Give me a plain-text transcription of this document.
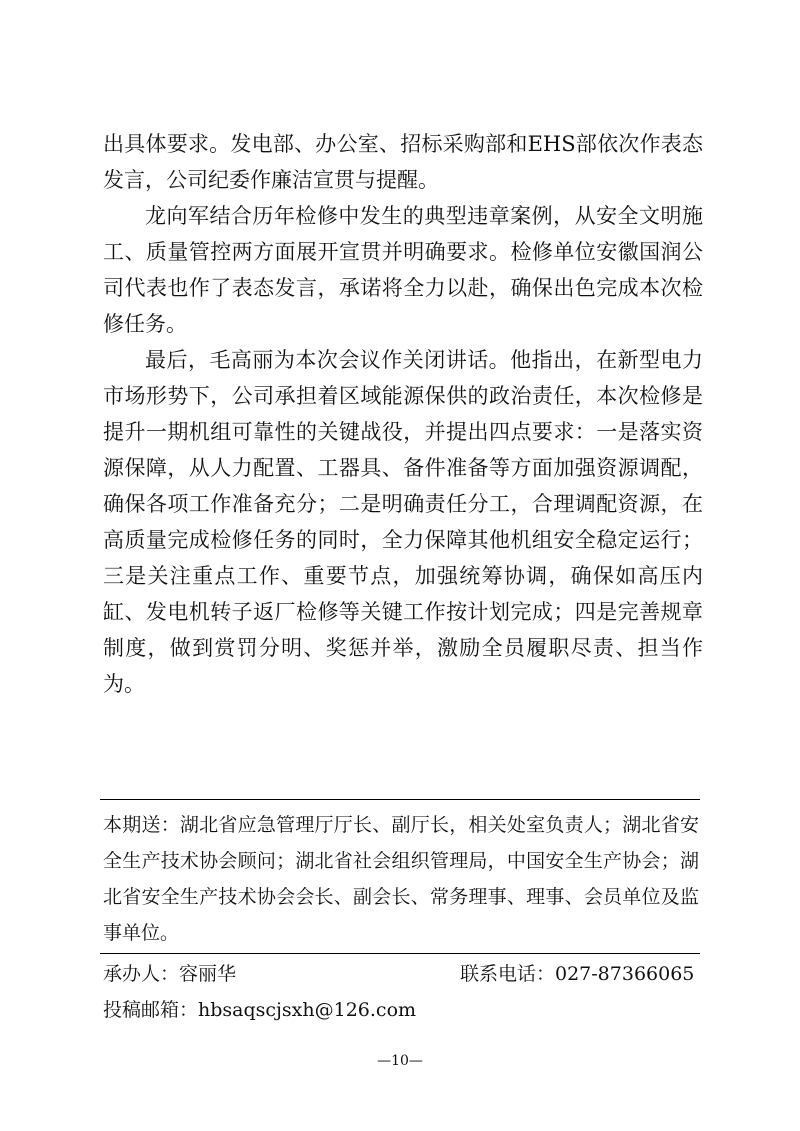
出具体要求。发电部、办公室、招标采购部和EHS部依次作表态发言，公司纪委作廉洁宣贯与提醒。

龙向军结合历年检修中发生的典型违章案例，从安全文明施工、质量管控两方面展开宣贯并明确要求。检修单位安徽国润公司代表也作了表态发言，承诺将全力以赴，确保出色完成本次检修任务。

最后，毛高丽为本次会议作关闭讲话。他指出，在新型电力市场形势下，公司承担着区域能源保供的政治责任，本次检修是提升一期机组可靠性的关键战役，并提出四点要求：一是落实资源保障，从人力配置、工器具、备件准备等方面加强资源调配，确保各项工作准备充分；二是明确责任分工，合理调配资源，在高质量完成检修任务的同时，全力保障其他机组安全稳定运行；三是关注重点工作、重要节点，加强统筹协调，确保如高压内缸、发电机转子返厂检修等关键工作按计划完成；四是完善规章制度，做到赏罚分明、奖惩并举，激励全员履职尽责、担当作为。

本期送：湖北省应急管理厅厅长、副厅长，相关处室负责人；湖北省安全生产技术协会顾问；湖北省社会组织管理局，中国安全生产协会；湖北省安全生产技术协会会长、副会长、常务理事、理事、会员单位及监事单位。
承办人：容丽华	联系电话：027-87366065
投稿邮箱：hbsaqscjsxh@126.com
—10—
